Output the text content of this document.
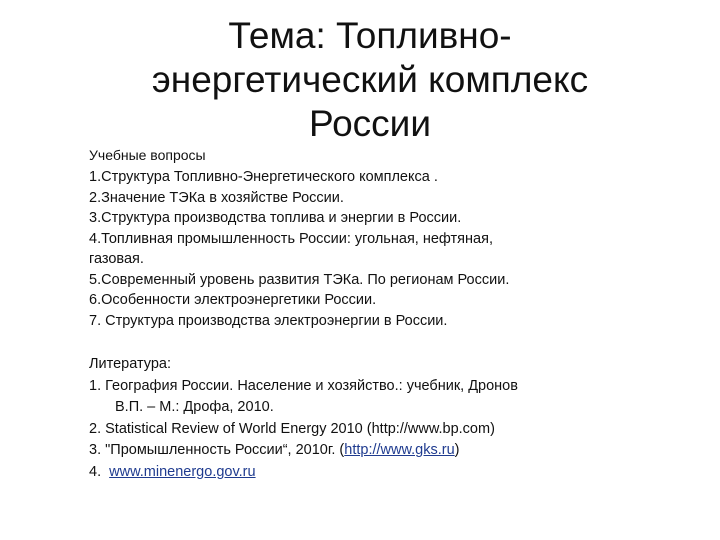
Тема: Топливно-
энергетический комплекс
России
Учебные вопросы
1.Структура Топливно-Энергетического комплекса .
2.Значение ТЭКа в хозяйстве России.
3.Структура производства топлива и энергии в России.
4.Топливная промышленность России: угольная, нефтяная,
газовая.
5.Современный уровень развития ТЭКа. По регионам России.
6.Особенности электроэнергетики России.
7. Структура производства электроэнергии в России.
Литература:
1. География России. Население и хозяйство.: учебник, Дронов
В.П. – М.: Дрофа, 2010.
2. Statistical Review of World Energy 2010 (http://www.bp.com)
3. "Промышленность России“, 2010г. (http://www.gks.ru)
4.  www.minenergo.gov.ru
